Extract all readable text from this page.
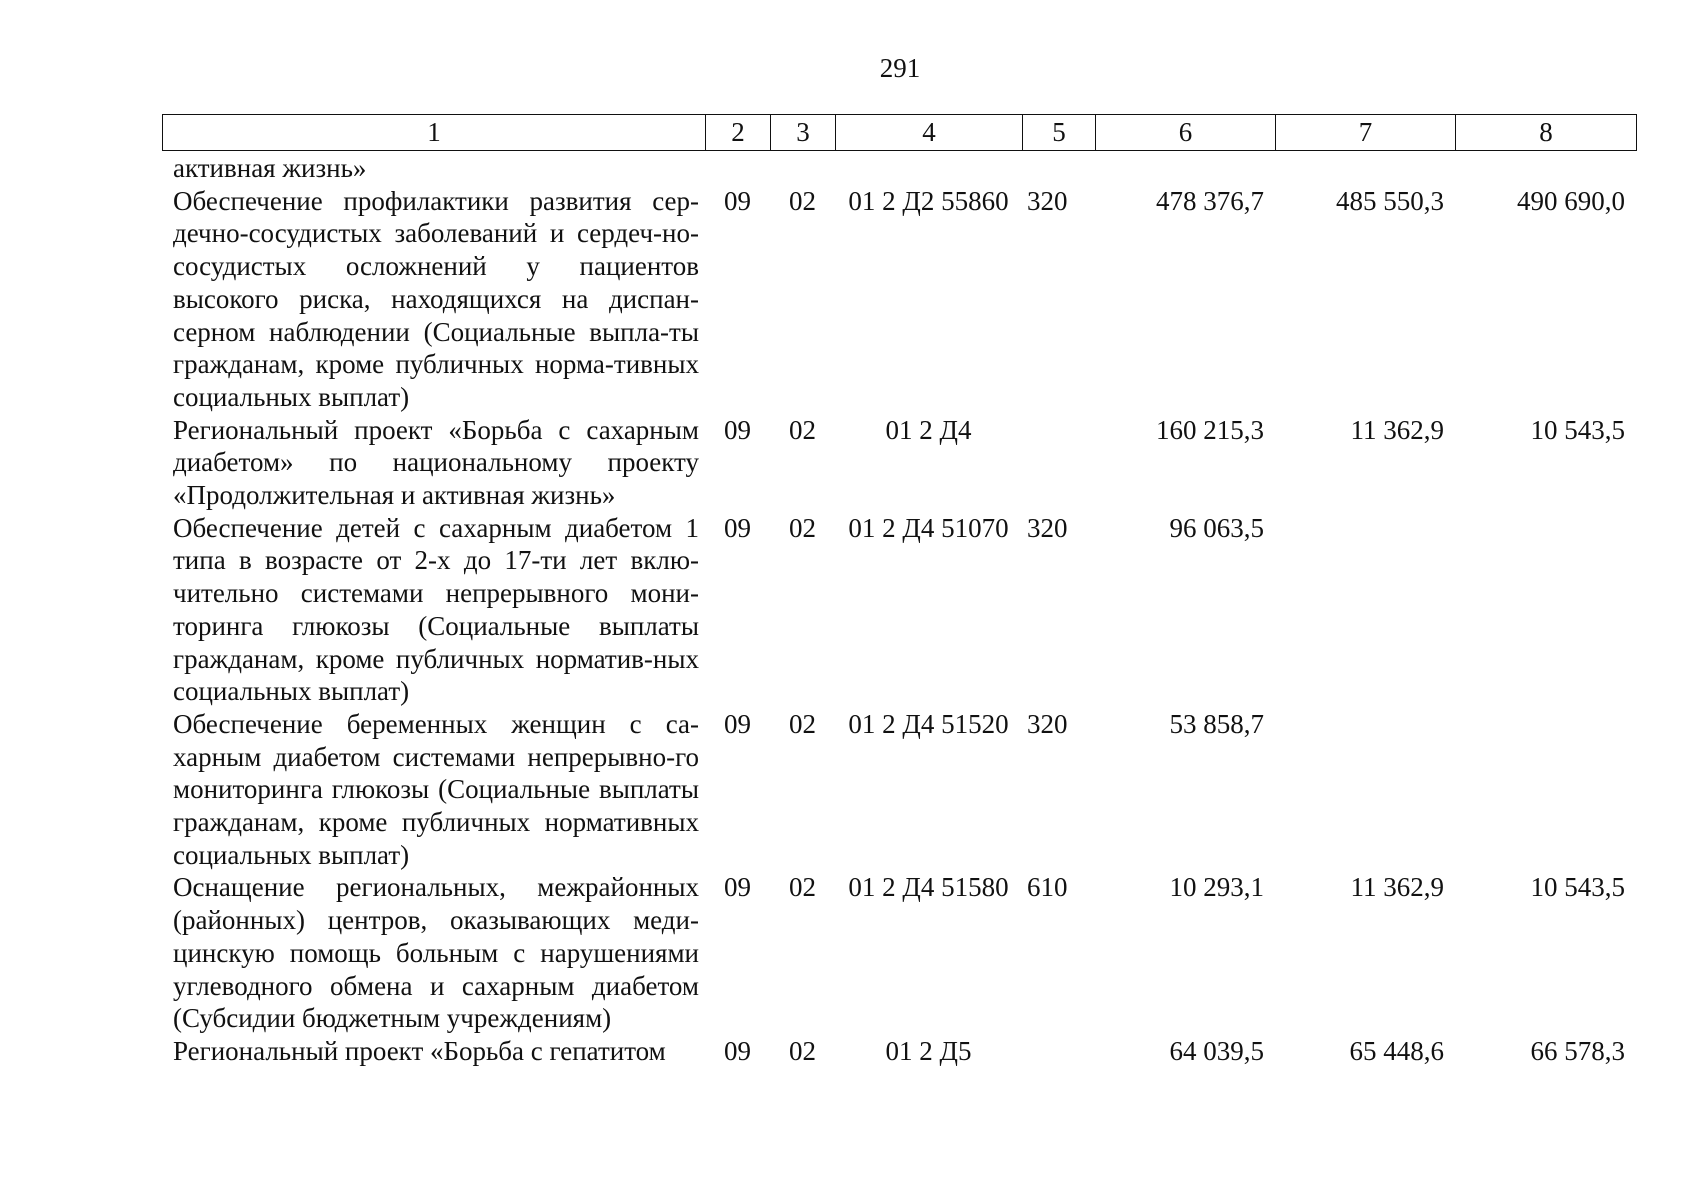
291
1	2	3	4	5	6	7	8
активная жизнь»							
Обеспечение профилактики развития сер-дечно-сосудистых заболеваний и сердеч-но-сосудистых осложнений у пациентов высокого риска, находящихся на диспан-серном наблюдении (Социальные выпла-ты гражданам, кроме публичных норма-тивных социальных выплат)	09	02	01 2 Д2 55860	320	478 376,7	485 550,3	490 690,0
Региональный проект «Борьба с сахарным диабетом» по национальному проекту «Продолжительная и активная жизнь»	09	02	01 2 Д4		160 215,3	11 362,9	10 543,5
Обеспечение детей с сахарным диабетом 1 типа в возрасте от 2-х до 17-ти лет вклю-чительно системами непрерывного мони-торинга глюкозы (Социальные выплаты гражданам, кроме публичных норматив-ных социальных выплат)	09	02	01 2 Д4 51070	320	96 063,5		
Обеспечение беременных женщин с са-харным диабетом системами непрерывно-го мониторинга глюкозы (Социальные выплаты гражданам, кроме публичных нормативных социальных выплат)	09	02	01 2 Д4 51520	320	53 858,7		
Оснащение региональных, межрайонных (районных) центров, оказывающих меди-цинскую помощь больным с нарушениями углеводного обмена и сахарным диабетом (Субсидии бюджетным учреждениям)	09	02	01 2 Д4 51580	610	10 293,1	11 362,9	10 543,5
Региональный проект «Борьба с гепатитом	09	02	01 2 Д5		64 039,5	65 448,6	66 578,3
